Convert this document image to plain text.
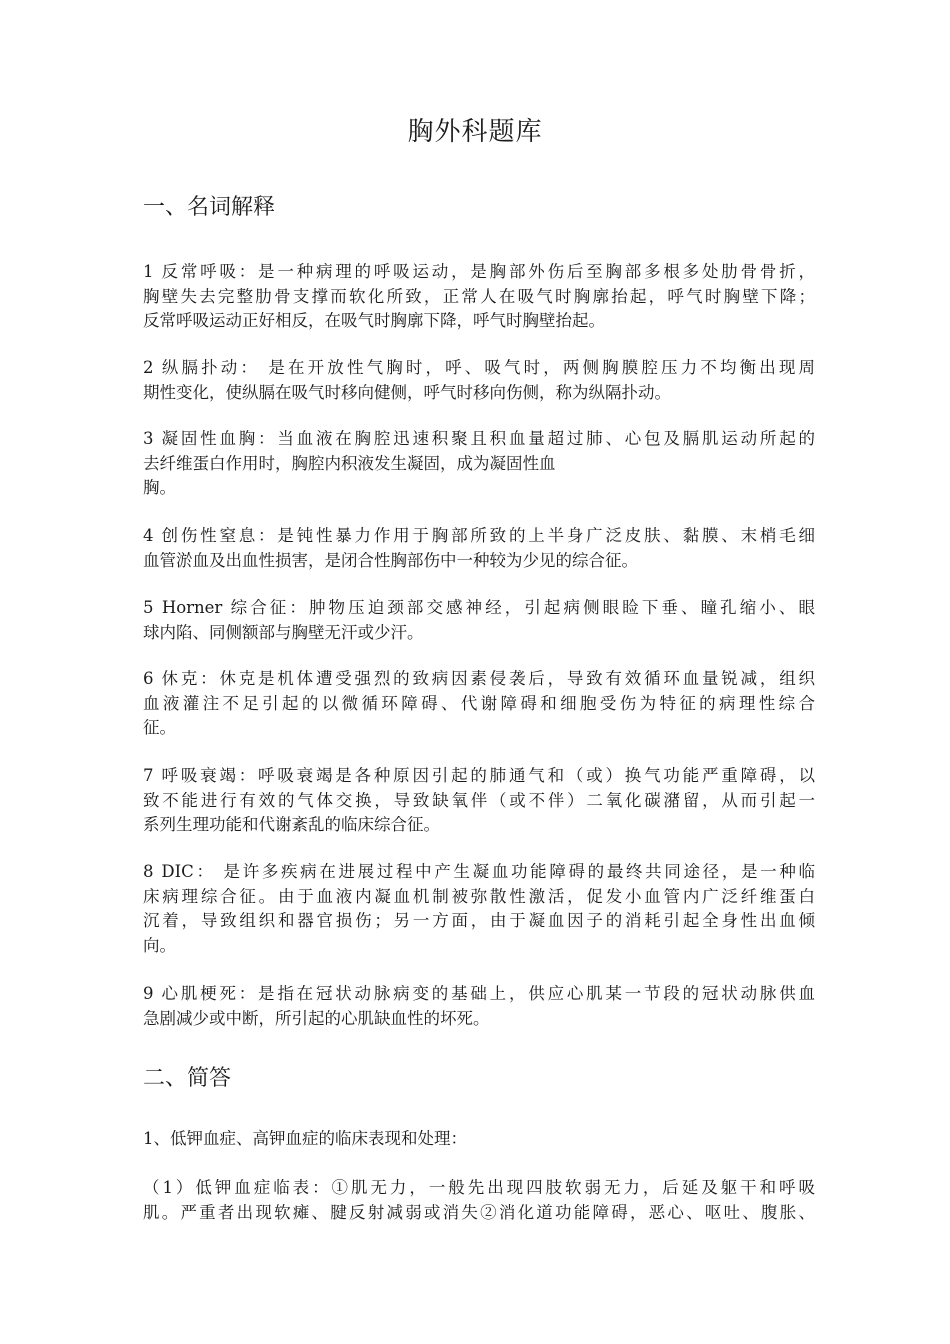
胸外科题库
一、名词解释
1 反常呼吸：是一种病理的呼吸运动，是胸部外伤后至胸部多根多处肋骨骨折，
胸壁失去完整肋骨支撑而软化所致，正常人在吸气时胸廓抬起，呼气时胸壁下降；
反常呼吸运动正好相反，在吸气时胸廓下降，呼气时胸壁抬起。
2 纵膈扑动： 是在开放性气胸时，呼、吸气时，两侧胸膜腔压力不均衡出现周
期性变化，使纵膈在吸气时移向健侧，呼气时移向伤侧，称为纵隔扑动。
3 凝固性血胸：当血液在胸腔迅速积聚且积血量超过肺、心包及膈肌运动所起的
去纤维蛋白作用时，胸腔内积液发生凝固，成为凝固性血
胸。
4 创伤性窒息：是钝性暴力作用于胸部所致的上半身广泛皮肤、黏膜、末梢毛细
血管淤血及出血性损害，是闭合性胸部伤中一种较为少见的综合征。
5 Horner 综合征：肿物压迫颈部交感神经，引起病侧眼睑下垂、瞳孔缩小、眼
球内陷、同侧额部与胸壁无汗或少汗。
6 休克：休克是机体遭受强烈的致病因素侵袭后，导致有效循环血量锐减，组织
血液灌注不足引起的以微循环障碍、代谢障碍和细胞受伤为特征的病理性综合
征。
7 呼吸衰竭：呼吸衰竭是各种原因引起的肺通气和（或）换气功能严重障碍，以
致不能进行有效的气体交换，导致缺氧伴（或不伴）二氧化碳潴留，从而引起一
系列生理功能和代谢紊乱的临床综合征。
8 DIC： 是许多疾病在进展过程中产生凝血功能障碍的最终共同途径，是一种临
床病理综合征。由于血液内凝血机制被弥散性激活，促发小血管内广泛纤维蛋白
沉着，导致组织和器官损伤；另一方面，由于凝血因子的消耗引起全身性出血倾
向。
9 心肌梗死：是指在冠状动脉病变的基础上，供应心肌某一节段的冠状动脉供血
急剧减少或中断，所引起的心肌缺血性的坏死。
二、简答
1、低钾血症、高钾血症的临床表现和处理：
（1）低钾血症临表：①肌无力，一般先出现四肢软弱无力，后延及躯干和呼吸
肌。严重者出现软瘫、腱反射减弱或消失②消化道功能障碍，恶心、呕吐、腹胀、
